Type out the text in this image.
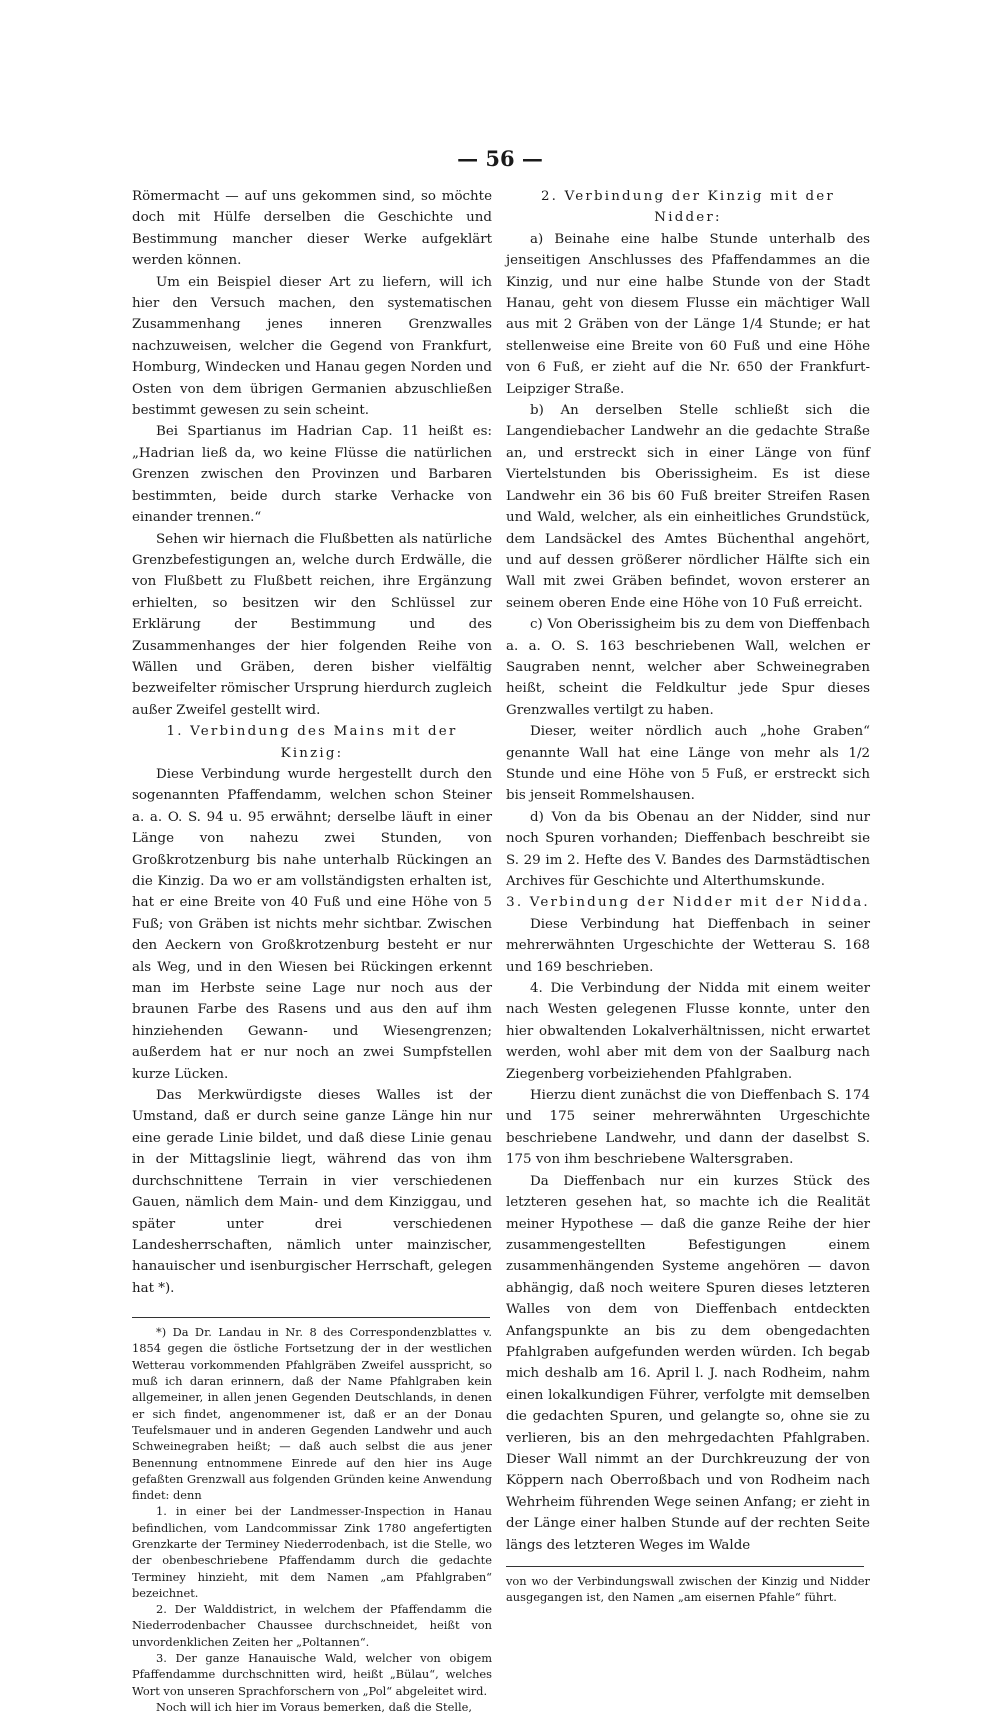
— 56 —

Römermacht — auf uns gekommen sind, so möchte doch mit Hülfe derselben die Geschichte und Bestimmung mancher dieser Werke aufgeklärt werden können.

Um ein Beispiel dieser Art zu liefern, will ich hier den Versuch machen, den systematischen Zusammenhang jenes inneren Grenzwalles nachzuweisen, welcher die Gegend von Frankfurt, Homburg, Windecken und Hanau gegen Norden und Osten von dem übrigen Germanien abzuschließen bestimmt gewesen zu sein scheint.

Bei Spartianus im Hadrian Cap. 11 heißt es: „Hadrian ließ da, wo keine Flüsse die natürlichen Grenzen zwischen den Provinzen und Barbaren bestimmten, beide durch starke Verhacke von einander trennen.“

Sehen wir hiernach die Flußbetten als natürliche Grenzbefestigungen an, welche durch Erdwälle, die von Flußbett zu Flußbett reichen, ihre Ergänzung erhielten, so besitzen wir den Schlüssel zur Erklärung der Bestimmung und des Zusammenhanges der hier folgenden Reihe von Wällen und Gräben, deren bisher vielfältig bezweifelter römischer Ursprung hierdurch zugleich außer Zweifel gestellt wird.

1. Verbindung des Mains mit der Kinzig:

Diese Verbindung wurde hergestellt durch den sogenannten Pfaffendamm, welchen schon Steiner a. a. O. S. 94 u. 95 erwähnt; derselbe läuft in einer Länge von nahezu zwei Stunden, von Großkrotzenburg bis nahe unterhalb Rückingen an die Kinzig. Da wo er am vollständigsten erhalten ist, hat er eine Breite von 40 Fuß und eine Höhe von 5 Fuß; von Gräben ist nichts mehr sichtbar. Zwischen den Aeckern von Großkrotzenburg besteht er nur als Weg, und in den Wiesen bei Rückingen erkennt man im Herbste seine Lage nur noch aus der braunen Farbe des Rasens und aus den auf ihm hinziehenden Gewann- und Wiesengrenzen; außerdem hat er nur noch an zwei Sumpfstellen kurze Lücken.

Das Merkwürdigste dieses Walles ist der Umstand, daß er durch seine ganze Länge hin nur eine gerade Linie bildet, und daß diese Linie genau in der Mittagslinie liegt, während das von ihm durchschnittene Terrain in vier verschiedenen Gauen, nämlich dem Main- und dem Kinziggau, und später unter drei verschiedenen Landesherrschaften, nämlich unter mainzischer, hanauischer und isenburgischer Herrschaft, gelegen hat *).

*) Da Dr. Landau in Nr. 8 des Correspondenzblattes v. 1854 gegen die östliche Fortsetzung der in der westlichen Wetterau vorkommenden Pfahlgräben Zweifel ausspricht, so muß ich daran erinnern, daß der Name Pfahlgraben kein allgemeiner, in allen jenen Gegenden Deutschlands, in denen er sich findet, angenommener ist, daß er an der Donau Teufelsmauer und in anderen Gegenden Landwehr und auch Schweinegraben heißt; — daß auch selbst die aus jener Benennung entnommene Einrede auf den hier ins Auge gefaßten Grenzwall aus folgenden Gründen keine Anwendung findet: denn

1. in einer bei der Landmesser-Inspection in Hanau befindlichen, vom Landcommissar Zink 1780 angefertigten Grenzkarte der Terminey Niederrodenbach, ist die Stelle, wo der obenbeschriebene Pfaffendamm durch die gedachte Terminey hinzieht, mit dem Namen „am Pfahlgraben“ bezeichnet.

2. Der Walddistrict, in welchem der Pfaffendamm die Niederrodenbacher Chaussee durchschneidet, heißt von unvordenklichen Zeiten her „Poltannen“.

3. Der ganze Hanauische Wald, welcher von obigem Pfaffendamme durchschnitten wird, heißt „Bülau“, welches Wort von unseren Sprachforschern von „Pol“ abgeleitet wird.

Noch will ich hier im Voraus bemerken, daß die Stelle,

2. Verbindung der Kinzig mit der Nidder:

a) Beinahe eine halbe Stunde unterhalb des jenseitigen Anschlusses des Pfaffendammes an die Kinzig, und nur eine halbe Stunde von der Stadt Hanau, geht von diesem Flusse ein mächtiger Wall aus mit 2 Gräben von der Länge 1/4 Stunde; er hat stellenweise eine Breite von 60 Fuß und eine Höhe von 6 Fuß, er zieht auf die Nr. 650 der Frankfurt-Leipziger Straße.

b) An derselben Stelle schließt sich die Langendiebacher Landwehr an die gedachte Straße an, und erstreckt sich in einer Länge von fünf Viertelstunden bis Oberissigheim. Es ist diese Landwehr ein 36 bis 60 Fuß breiter Streifen Rasen und Wald, welcher, als ein einheitliches Grundstück, dem Landsäckel des Amtes Büchenthal angehört, und auf dessen größerer nördlicher Hälfte sich ein Wall mit zwei Gräben befindet, wovon ersterer an seinem oberen Ende eine Höhe von 10 Fuß erreicht.

c) Von Oberissigheim bis zu dem von Dieffenbach a. a. O. S. 163 beschriebenen Wall, welchen er Saugraben nennt, welcher aber Schweinegraben heißt, scheint die Feldkultur jede Spur dieses Grenzwalles vertilgt zu haben.

Dieser, weiter nördlich auch „hohe Graben“ genannte Wall hat eine Länge von mehr als 1/2 Stunde und eine Höhe von 5 Fuß, er erstreckt sich bis jenseit Rommelshausen.

d) Von da bis Obenau an der Nidder, sind nur noch Spuren vorhanden; Dieffenbach beschreibt sie S. 29 im 2. Hefte des V. Bandes des Darmstädtischen Archives für Geschichte und Alterthumskunde.

3. Verbindung der Nidder mit der Nidda.

Diese Verbindung hat Dieffenbach in seiner mehrerwähnten Urgeschichte der Wetterau S. 168 und 169 beschrieben.

4. Die Verbindung der Nidda mit einem weiter nach Westen gelegenen Flusse konnte, unter den hier obwaltenden Lokalverhältnissen, nicht erwartet werden, wohl aber mit dem von der Saalburg nach Ziegenberg vorbeiziehenden Pfahlgraben.

Hierzu dient zunächst die von Dieffenbach S. 174 und 175 seiner mehrerwähnten Urgeschichte beschriebene Landwehr, und dann der daselbst S. 175 von ihm beschriebene Waltersgraben.

Da Dieffenbach nur ein kurzes Stück des letzteren gesehen hat, so machte ich die Realität meiner Hypothese — daß die ganze Reihe der hier zusammengestellten Befestigungen einem zusammenhängenden Systeme angehören — davon abhängig, daß noch weitere Spuren dieses letzteren Walles von dem von Dieffenbach entdeckten Anfangspunkte an bis zu dem obengedachten Pfahlgraben aufgefunden werden würden. Ich begab mich deshalb am 16. April l. J. nach Rodheim, nahm einen lokalkundigen Führer, verfolgte mit demselben die gedachten Spuren, und gelangte so, ohne sie zu verlieren, bis an den mehrgedachten Pfahlgraben. Dieser Wall nimmt an der Durchkreuzung der von Köppern nach Oberroßbach und von Rodheim nach Wehrheim führenden Wege seinen Anfang; er zieht in der Länge einer halben Stunde auf der rechten Seite längs des letzteren Weges im Walde

von wo der Verbindungswall zwischen der Kinzig und Nidder ausgegangen ist, den Namen „am eisernen Pfahle“ führt.
